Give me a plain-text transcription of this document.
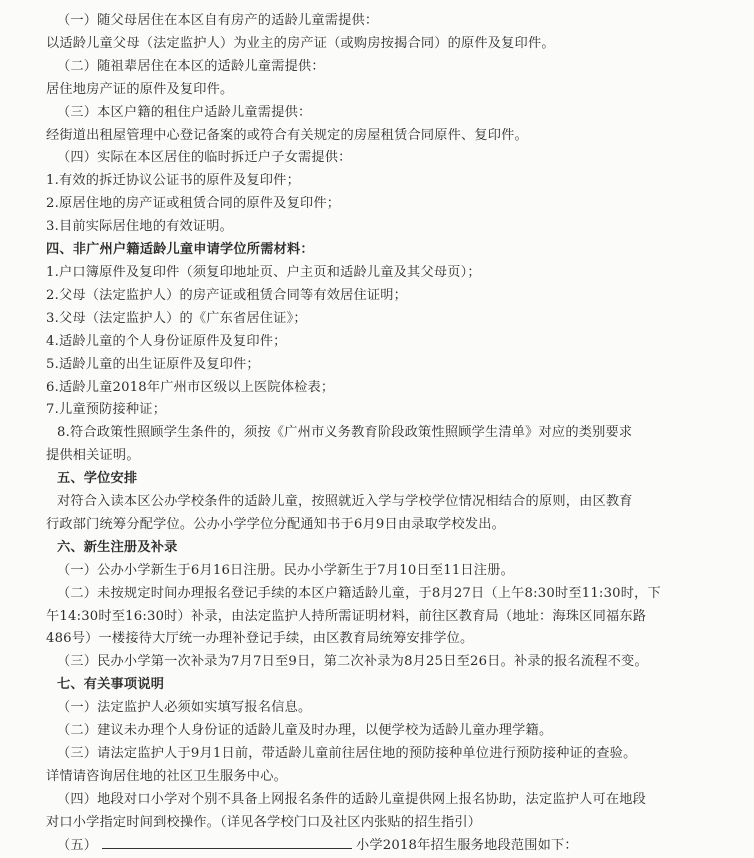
（一）随父母居住在本区自有房产的适龄儿童需提供：

以适龄儿童父母（法定监护人）为业主的房产证（或购房按揭合同）的原件及复印件。

（二）随祖辈居住在本区的适龄儿童需提供：

居住地房产证的原件及复印件。

（三）本区户籍的租住户适龄儿童需提供：

经街道出租屋管理中心登记备案的或符合有关规定的房屋租赁合同原件、复印件。

（四）实际在本区居住的临时拆迁户子女需提供：

1.有效的拆迁协议公证书的原件及复印件；

2.原居住地的房产证或租赁合同的原件及复印件；

3.目前实际居住地的有效证明。

四、非广州户籍适龄儿童申请学位所需材料：

1.户口簿原件及复印件（须复印地址页、户主页和适龄儿童及其父母页）；

2.父母（法定监护人）的房产证或租赁合同等有效居住证明；

3.父母（法定监护人）的《广东省居住证》；

4.适龄儿童的个人身份证原件及复印件；

5.适龄儿童的出生证原件及复印件；

6.适龄儿童2018年广州市区级以上医院体检表；

7.儿童预防接种证；

8.符合政策性照顾学生条件的，须按《广州市义务教育阶段政策性照顾学生清单》对应的类别要求

提供相关证明。

五、学位安排

对符合入读本区公办学校条件的适龄儿童，按照就近入学与学校学位情况相结合的原则，由区教育

行政部门统筹分配学位。公办小学学位分配通知书于6月9日由录取学校发出。

六、新生注册及补录

（一）公办小学新生于6月16日注册。民办小学新生于7月10日至11日注册。

（二）未按规定时间办理报名登记手续的本区户籍适龄儿童，于8月27日（上午8:30时至11:30时，下

午14:30时至16:30时）补录，由法定监护人持所需证明材料，前往区教育局（地址：海珠区同福东路

486号）一楼接待大厅统一办理补登记手续，由区教育局统筹安排学位。

（三）民办小学第一次补录为7月7日至9日，第二次补录为8月25日至26日。补录的报名流程不变。

七、有关事项说明

（一）法定监护人必须如实填写报名信息。

（二）建议未办理个人身份证的适龄儿童及时办理，以便学校为适龄儿童办理学籍。

（三）请法定监护人于9月1日前，带适龄儿童前往居住地的预防接种单位进行预防接种证的查验。

详情请咨询居住地的社区卫生服务中心。

（四）地段对口小学对个别不具备上网报名条件的适龄儿童提供网上报名协助，法定监护人可在地段

对口小学指定时间到校操作。（详见各学校门口及社区内张贴的招生指引）

（五）	小学2018年招生服务地段范围如下：
